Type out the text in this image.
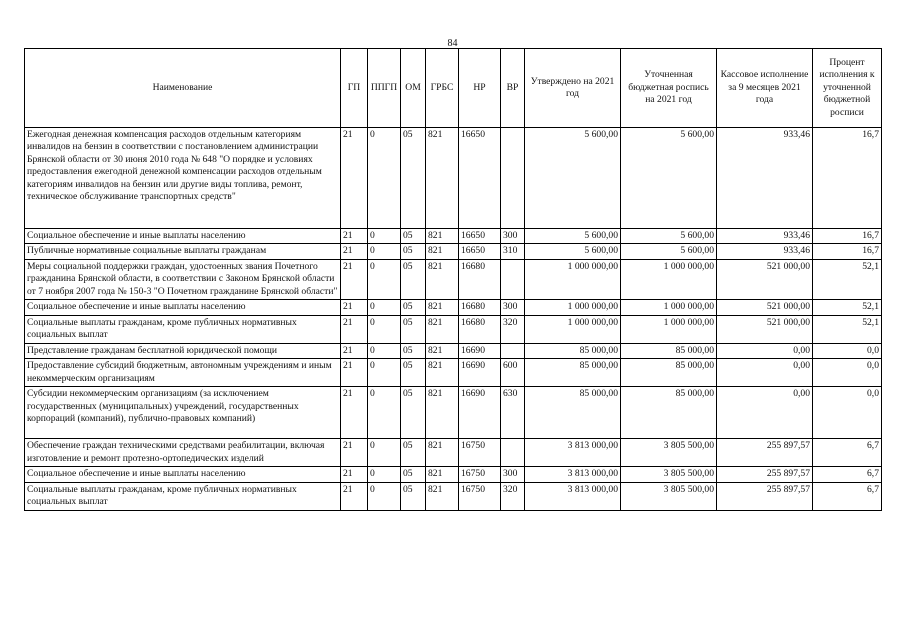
84
Наименование	ГП	ППГП	ОМ	ГРБС	НР	ВР	Утверждено на 2021 год	Уточненная бюджетная роспись на 2021 год	Кассовое исполнение за 9 месяцев 2021 года	Процент исполнения к уточненной бюджетной росписи
Ежегодная денежная компенсация расходов отдельным категориям инвалидов на бензин в соответствии с постановлением администрации Брянской области от 30 июня 2010 года № 648 "О порядке и условиях предоставления ежегодной денежной компенсации расходов отдельным категориям инвалидов на бензин или другие виды топлива, ремонт, техническое обслуживание транспортных средств"	21	0	05	821	16650		5 600,00	5 600,00	933,46	16,7
Социальное обеспечение и иные выплаты населению	21	0	05	821	16650	300	5 600,00	5 600,00	933,46	16,7
Публичные нормативные социальные выплаты гражданам	21	0	05	821	16650	310	5 600,00	5 600,00	933,46	16,7
Меры социальной поддержки граждан, удостоенных звания Почетного гражданина Брянской области, в соответствии с Законом Брянской области от 7 ноября 2007 года № 150-3 "О Почетном гражданине Брянской области"	21	0	05	821	16680		1 000 000,00	1 000 000,00	521 000,00	52,1
Социальное обеспечение и иные выплаты населению	21	0	05	821	16680	300	1 000 000,00	1 000 000,00	521 000,00	52,1
Социальные выплаты гражданам, кроме публичных нормативных социальных выплат	21	0	05	821	16680	320	1 000 000,00	1 000 000,00	521 000,00	52,1
Представление гражданам бесплатной юридической помощи	21	0	05	821	16690		85 000,00	85 000,00	0,00	0,0
Предоставление субсидий бюджетным, автономным учреждениям и иным некоммерческим организациям	21	0	05	821	16690	600	85 000,00	85 000,00	0,00	0,0
Субсидии некоммерческим организациям (за исключением государственных (муниципальных) учреждений, государственных корпораций (компаний), публично-правовых компаний)	21	0	05	821	16690	630	85 000,00	85 000,00	0,00	0,0
Обеспечение граждан техническими средствами реабилитации, включая изготовление и ремонт протезно-ортопедических изделий	21	0	05	821	16750		3 813 000,00	3 805 500,00	255 897,57	6,7
Социальное обеспечение и иные выплаты населению	21	0	05	821	16750	300	3 813 000,00	3 805 500,00	255 897,57	6,7
Социальные выплаты гражданам, кроме публичных нормативных социальных выплат	21	0	05	821	16750	320	3 813 000,00	3 805 500,00	255 897,57	6,7
